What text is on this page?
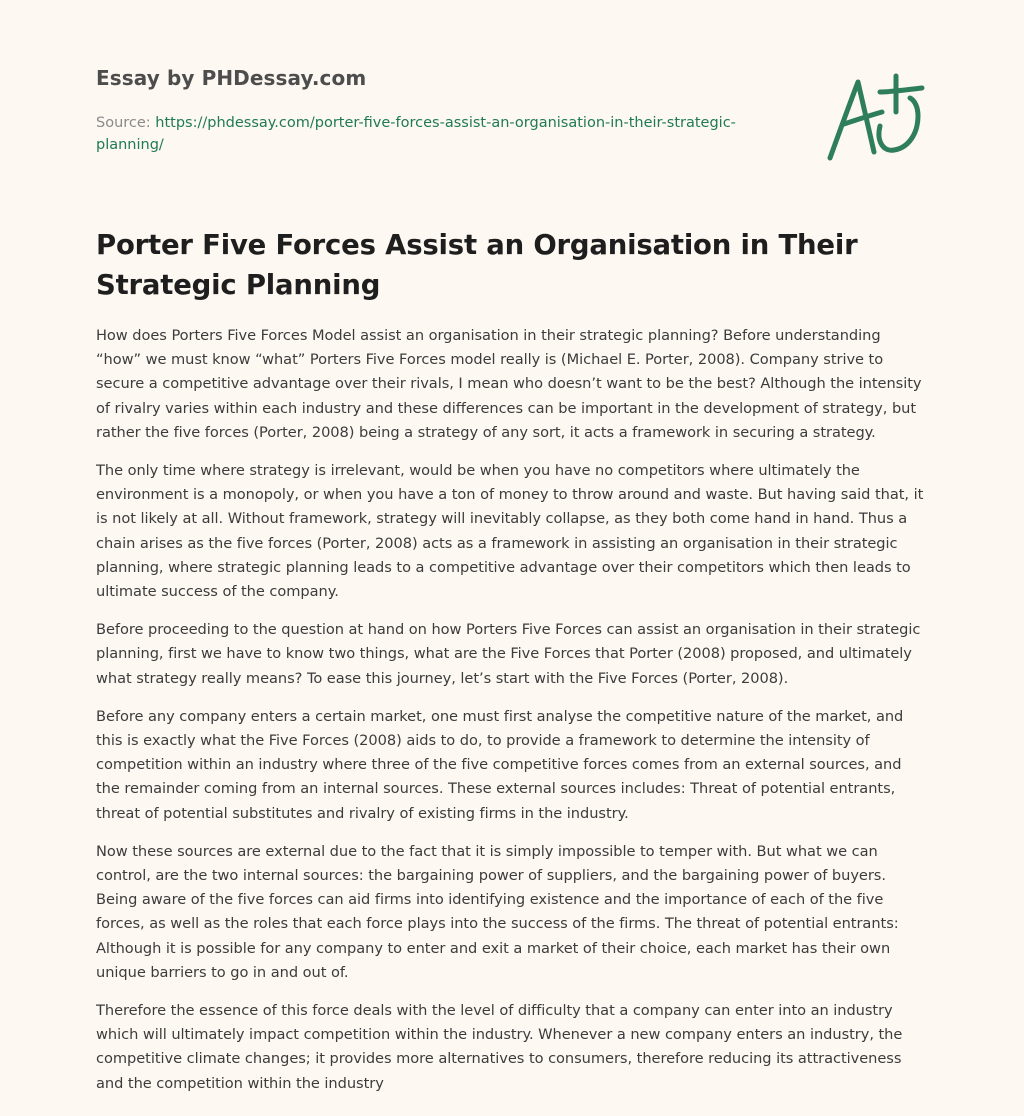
Essay by PHDessay.com
Source: https://phdessay.com/porter-five-forces-assist-an-organisation-in-their-strategic-planning/
Porter Five Forces Assist an Organisation in Their Strategic Planning

How does Porters Five Forces Model assist an organisation in their strategic planning? Before understanding “how” we must know “what” Porters Five Forces model really is (Michael E. Porter, 2008). Company strive to secure a competitive advantage over their rivals, I mean who doesn’t want to be the best? Although the intensity of rivalry varies within each industry and these differences can be important in the development of strategy, but rather the five forces (Porter, 2008) being a strategy of any sort, it acts a framework in securing a strategy.

The only time where strategy is irrelevant, would be when you have no competitors where ultimately the environment is a monopoly, or when you have a ton of money to throw around and waste. But having said that, it is not likely at all. Without framework, strategy will inevitably collapse, as they both come hand in hand. Thus a chain arises as the five forces (Porter, 2008) acts as a framework in assisting an organisation in their strategic planning, where strategic planning leads to a competitive advantage over their competitors which then leads to ultimate success of the company.

Before proceeding to the question at hand on how Porters Five Forces can assist an organisation in their strategic planning, first we have to know two things, what are the Five Forces that Porter (2008) proposed, and ultimately what strategy really means? To ease this journey, let’s start with the Five Forces (Porter, 2008).

Before any company enters a certain market, one must first analyse the competitive nature of the market, and this is exactly what the Five Forces (2008) aids to do, to provide a framework to determine the intensity of competition within an industry where three of the five competitive forces comes from an external sources, and the remainder coming from an internal sources. These external sources includes: Threat of potential entrants, threat of potential substitutes and rivalry of existing firms in the industry.

Now these sources are external due to the fact that it is simply impossible to temper with. But what we can control, are the two internal sources: the bargaining power of suppliers, and the bargaining power of buyers. Being aware of the five forces can aid firms into identifying existence and the importance of each of the five forces, as well as the roles that each force plays into the success of the firms. The threat of potential entrants: Although it is possible for any company to enter and exit a market of their choice, each market has their own unique barriers to go in and out of.

Therefore the essence of this force deals with the level of difficulty that a company can enter into an industry which will ultimately impact competition within the industry. Whenever a new company enters an industry, the competitive climate changes; it provides more alternatives to consumers, therefore reducing its attractiveness and the competition within the industry
